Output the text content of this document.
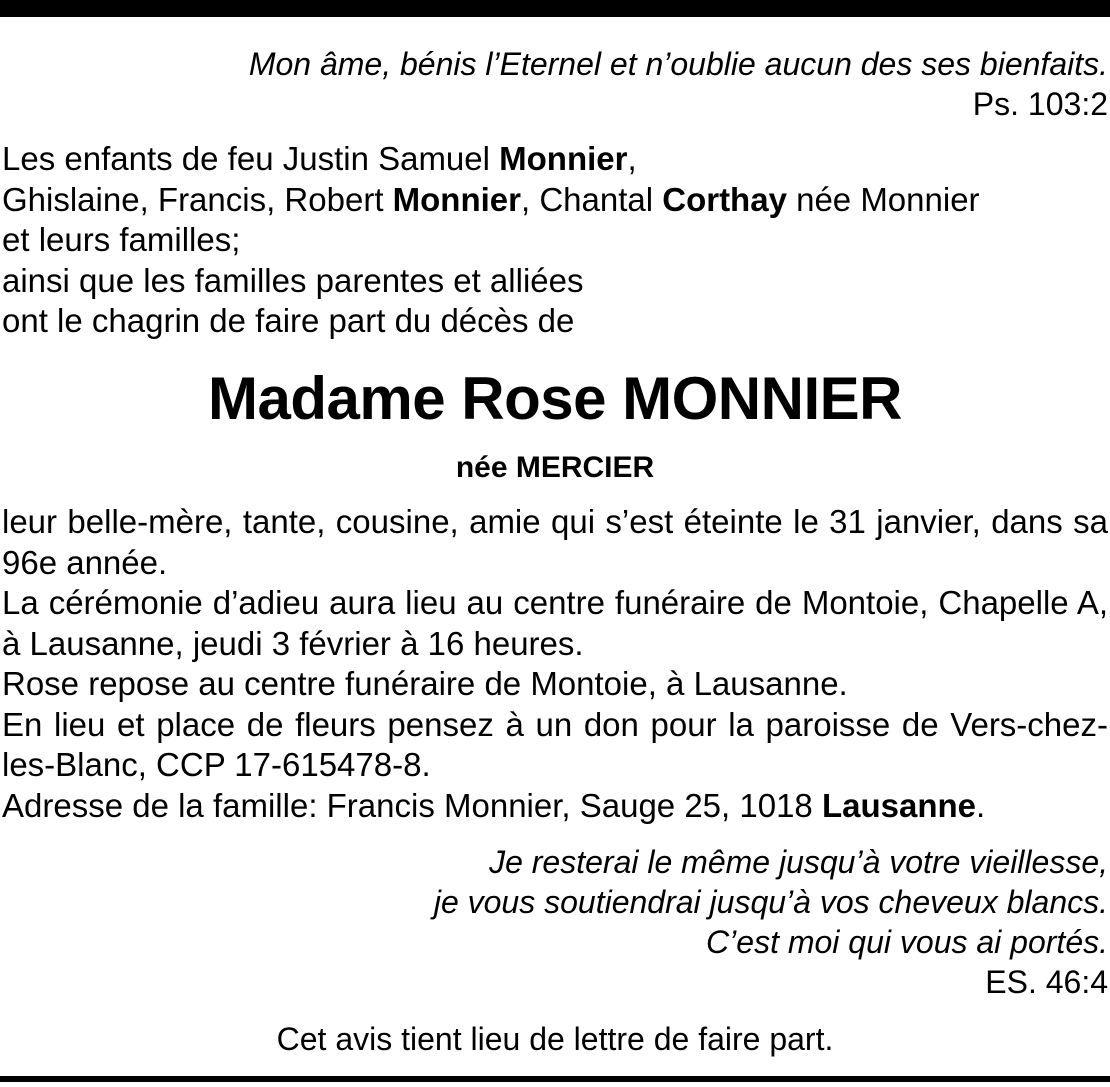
Mon âme, bénis l’Eternel et n’oublie aucun des ses bienfaits.
Ps. 103:2
Les enfants de feu Justin Samuel Monnier,
Ghislaine, Francis, Robert Monnier, Chantal Corthay née Monnier
et leurs familles;
ainsi que les familles parentes et alliées
ont le chagrin de faire part du décès de
Madame Rose MONNIER
née MERCIER
leur belle-mère, tante, cousine, amie qui s’est éteinte le 31 janvier, dans sa 96e année.
La cérémonie d’adieu aura lieu au centre funéraire de Montoie, Chapelle A, à Lausanne, jeudi 3 février à 16 heures.
Rose repose au centre funéraire de Montoie, à Lausanne.
En lieu et place de fleurs pensez à un don pour la paroisse de Vers-chez-les-Blanc, CCP 17-615478-8.
Adresse de la famille: Francis Monnier, Sauge 25, 1018 Lausanne.
Je resterai le même jusqu’à votre vieillesse,
je vous soutiendrai jusqu’à vos cheveux blancs.
C’est moi qui vous ai portés.
ES. 46:4
Cet avis tient lieu de lettre de faire part.
